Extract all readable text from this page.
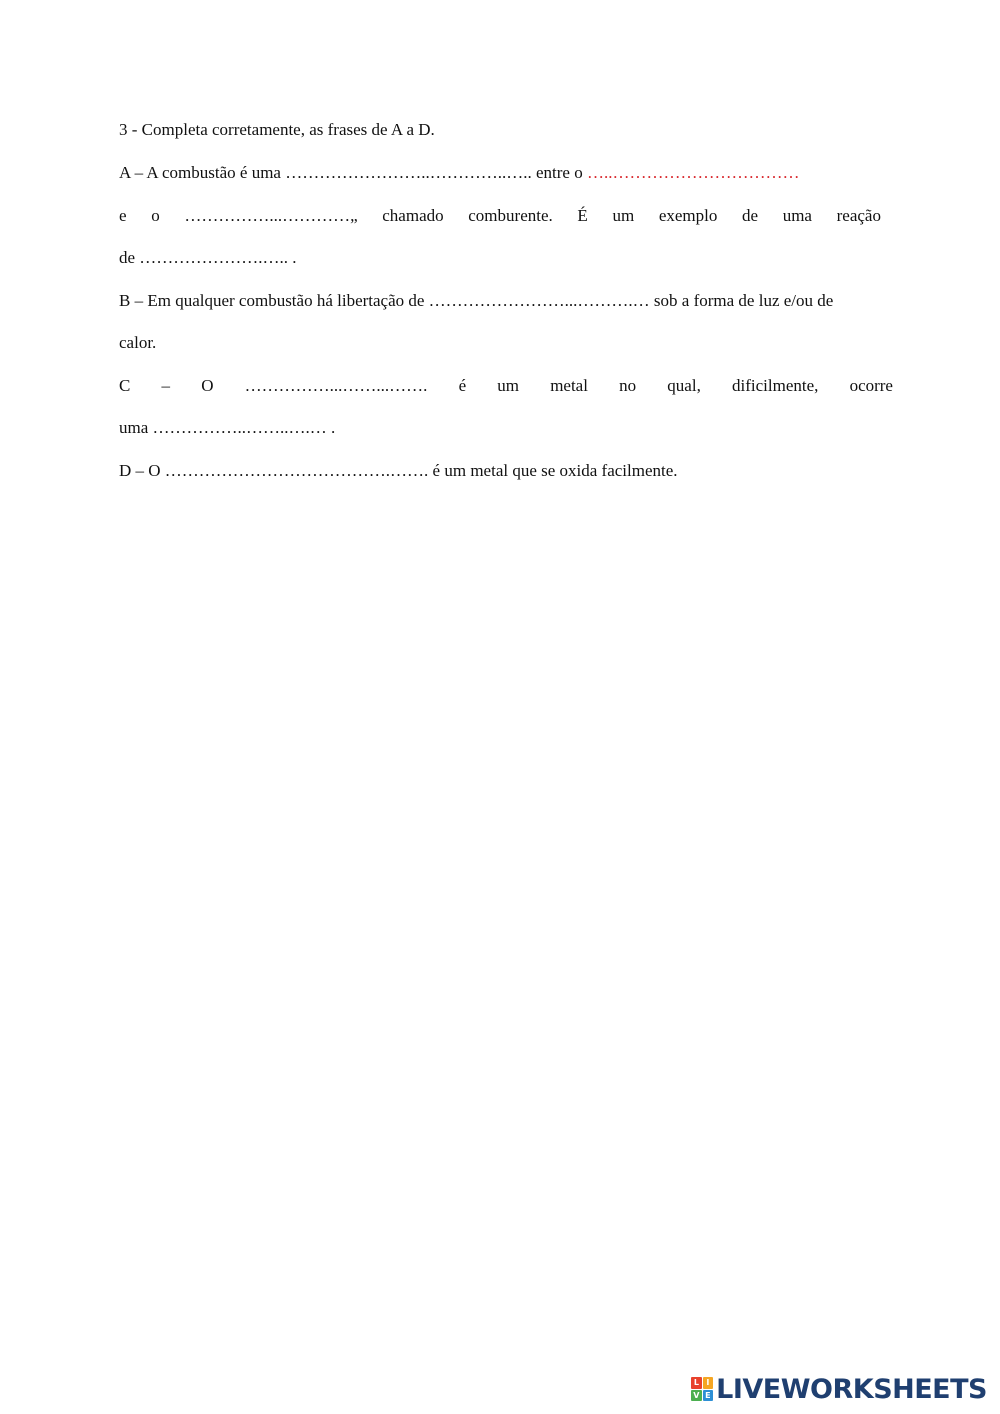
3 - Completa corretamente, as frases de A a D.
A – A combustão é uma ……………………..…………..….. entre o …..……………………………
e o ……………...…………„ chamado comburente. É um exemplo de uma reação
de ………………….….. .
B – Em qualquer combustão há libertação de ……………………...……….… sob a forma de luz e/ou de
calor.
C – O ……………...……...……. é um metal no qual, dificilmente, ocorre
uma ……………..……..….… .
D – O ………………………………….……. é um metal que se oxida facilmente.
L I
V E LIVEWORKSHEETS
